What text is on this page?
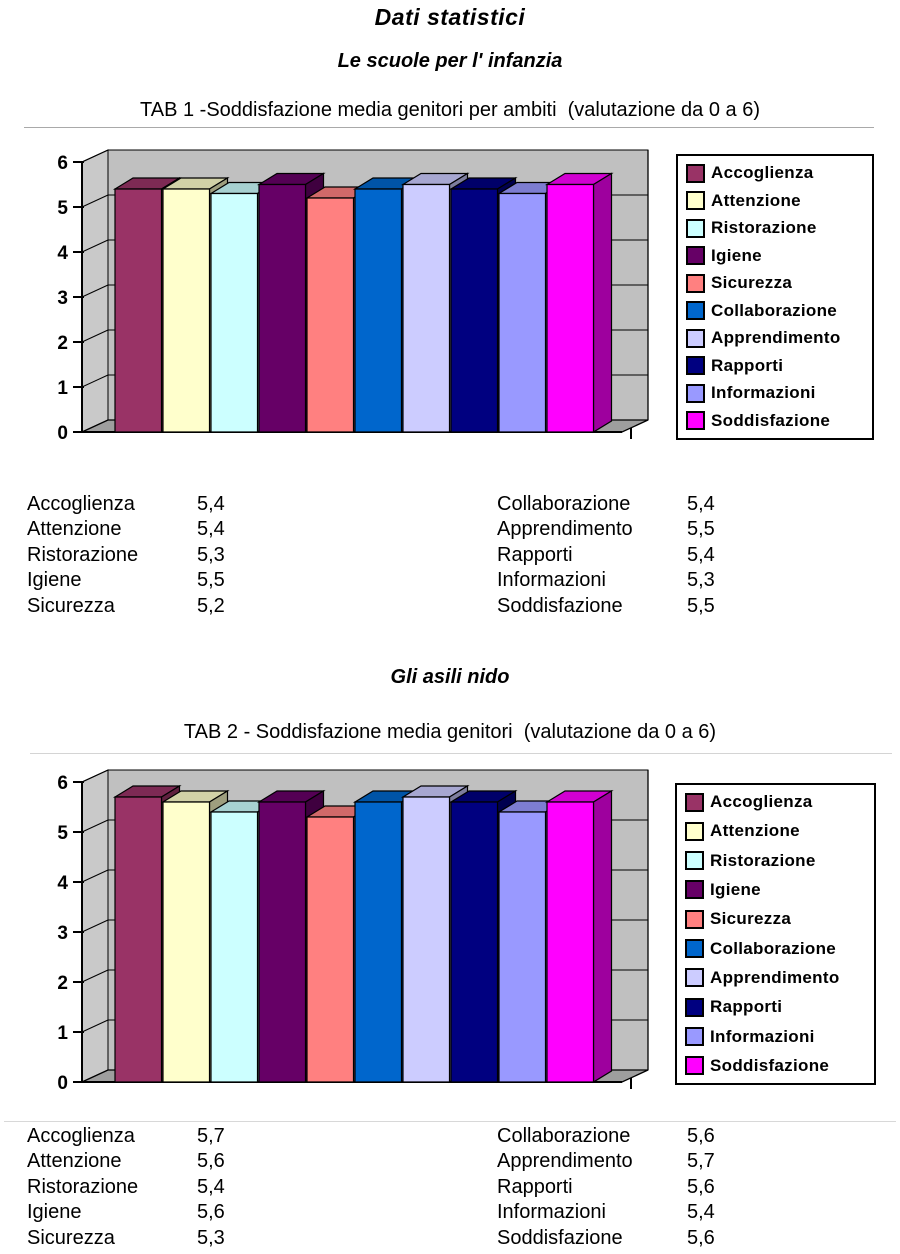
Dati statistici
Le scuole per l' infanzia
TAB 1 -Soddisfazione media genitori per ambiti  (valutazione da 0 a 6)
0
1
2
3
4
5
6	Accoglienza
Attenzione
Ristorazione
Igiene
Sicurezza
Collaborazione
Apprendimento
Rapporti
Informazioni
Soddisfazione
Accoglienza	5,4
Attenzione	5,4
Ristorazione	5,3
Igiene	5,5
Sicurezza	5,2
Collaborazione	5,4
Apprendimento	5,5
Rapporti	5,4
Informazioni	5,3
Soddisfazione	5,5
Gli asili nido
TAB 2 - Soddisfazione media genitori  (valutazione da 0 a 6)
0
1
2
3
4
5
6
Accoglienza
Attenzione
Ristorazione
Igiene
Sicurezza
Collaborazione
Apprendimento
Rapporti
Informazioni
Soddisfazione
Accoglienza	5,7
Attenzione	5,6
Ristorazione	5,4
Igiene	5,6
Sicurezza	5,3
Collaborazione	5,6
Apprendimento	5,7
Rapporti	5,6
Informazioni	5,4
Soddisfazione	5,6
